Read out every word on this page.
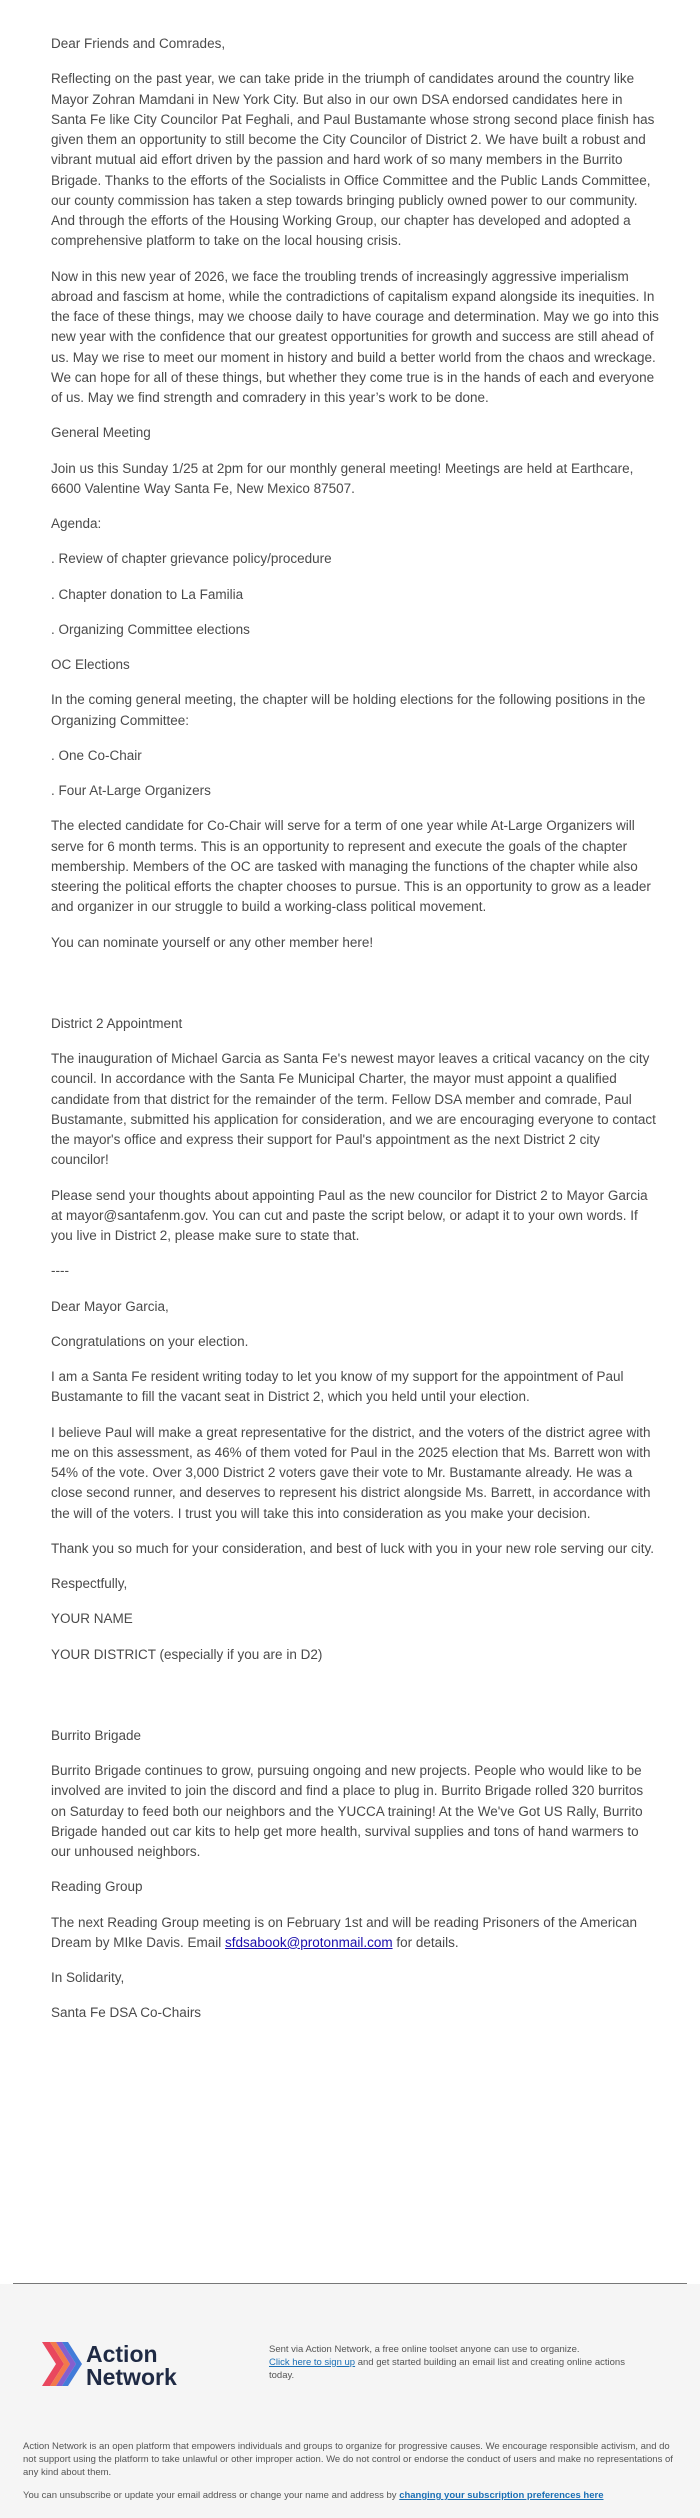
Dear Friends and Comrades,

Reflecting on the past year, we can take pride in the triumph of candidates around the country like Mayor Zohran Mamdani in New York City. But also in our own DSA endorsed candidates here in Santa Fe like City Councilor Pat Feghali, and Paul Bustamante whose strong second place finish has given them an opportunity to still become the City Councilor of District 2. We have built a robust and vibrant mutual aid effort driven by the passion and hard work of so many members in the Burrito Brigade. Thanks to the efforts of the Socialists in Office Committee and the Public Lands Committee, our county commission has taken a step towards bringing publicly owned power to our community. And through the efforts of the Housing Working Group, our chapter has developed and adopted a comprehensive platform to take on the local housing crisis.

Now in this new year of 2026, we face the troubling trends of increasingly aggressive imperialism abroad and fascism at home, while the contradictions of capitalism expand alongside its inequities. In the face of these things, may we choose daily to have courage and determination. May we go into this new year with the confidence that our greatest opportunities for growth and success are still ahead of us. May we rise to meet our moment in history and build a better world from the chaos and wreckage. We can hope for all of these things, but whether they come true is in the hands of each and everyone of us. May we find strength and comradery in this year’s work to be done.

General Meeting

Join us this Sunday 1/25 at 2pm for our monthly general meeting! Meetings are held at Earthcare, 6600 Valentine Way Santa Fe, New Mexico 87507.

Agenda:

. Review of chapter grievance policy/procedure

. Chapter donation to La Familia

. Organizing Committee elections

OC Elections

In the coming general meeting, the chapter will be holding elections for the following positions in the Organizing Committee:

. One Co-Chair

. Four At-Large Organizers

The elected candidate for Co-Chair will serve for a term of one year while At-Large Organizers will serve for 6 month terms. This is an opportunity to represent and execute the goals of the chapter membership. Members of the OC are tasked with managing the functions of the chapter while also steering the political efforts the chapter chooses to pursue. This is an opportunity to grow as a leader and organizer in our struggle to build a working-class political movement.

You can nominate yourself or any other member here!

District 2 Appointment

The inauguration of Michael Garcia as Santa Fe's newest mayor leaves a critical vacancy on the city council. In accordance with the Santa Fe Municipal Charter, the mayor must appoint a qualified candidate from that district for the remainder of the term. Fellow DSA member and comrade, Paul Bustamante, submitted his application for consideration, and we are encouraging everyone to contact the mayor's office and express their support for Paul's appointment as the next District 2 city councilor!

Please send your thoughts about appointing Paul as the new councilor for District 2 to Mayor Garcia at mayor@santafenm.gov. You can cut and paste the script below, or adapt it to your own words. If you live in District 2, please make sure to state that.

----

Dear Mayor Garcia,

Congratulations on your election.

I am a Santa Fe resident writing today to let you know of my support for the appointment of Paul Bustamante to fill the vacant seat in District 2, which you held until your election.

I believe Paul will make a great representative for the district, and the voters of the district agree with me on this assessment, as 46% of them voted for Paul in the 2025 election that Ms. Barrett won with 54% of the vote. Over 3,000 District 2 voters gave their vote to Mr. Bustamante already. He was a close second runner, and deserves to represent his district alongside Ms. Barrett, in accordance with the will of the voters. I trust you will take this into consideration as you make your decision.

Thank you so much for your consideration, and best of luck with you in your new role serving our city.

Respectfully,

YOUR NAME

YOUR DISTRICT (especially if you are in D2)

Burrito Brigade

Burrito Brigade continues to grow, pursuing ongoing and new projects. People who would like to be involved are invited to join the discord and find a place to plug in. Burrito Brigade rolled 320 burritos on Saturday to feed both our neighbors and the YUCCA training! At the We've Got US Rally, Burrito Brigade handed out car kits to help get more health, survival supplies and tons of hand warmers to our unhoused neighbors.

Reading Group

The next Reading Group meeting is on February 1st and will be reading Prisoners of the American Dream by MIke Davis. Email sfdsabook@protonmail.com for details.

In Solidarity,

Santa Fe DSA Co-Chairs

Action
Network
Sent via Action Network, a free online toolset anyone can use to organize.
Click here to sign up and get started building an email list and creating online actions today.
Action Network is an open platform that empowers individuals and groups to organize for progressive causes. We encourage responsible activism, and do not support using the platform to take unlawful or other improper action. We do not control or endorse the conduct of users and make no representations of any kind about them.
You can unsubscribe or update your email address or change your name and address by changing your subscription preferences here
